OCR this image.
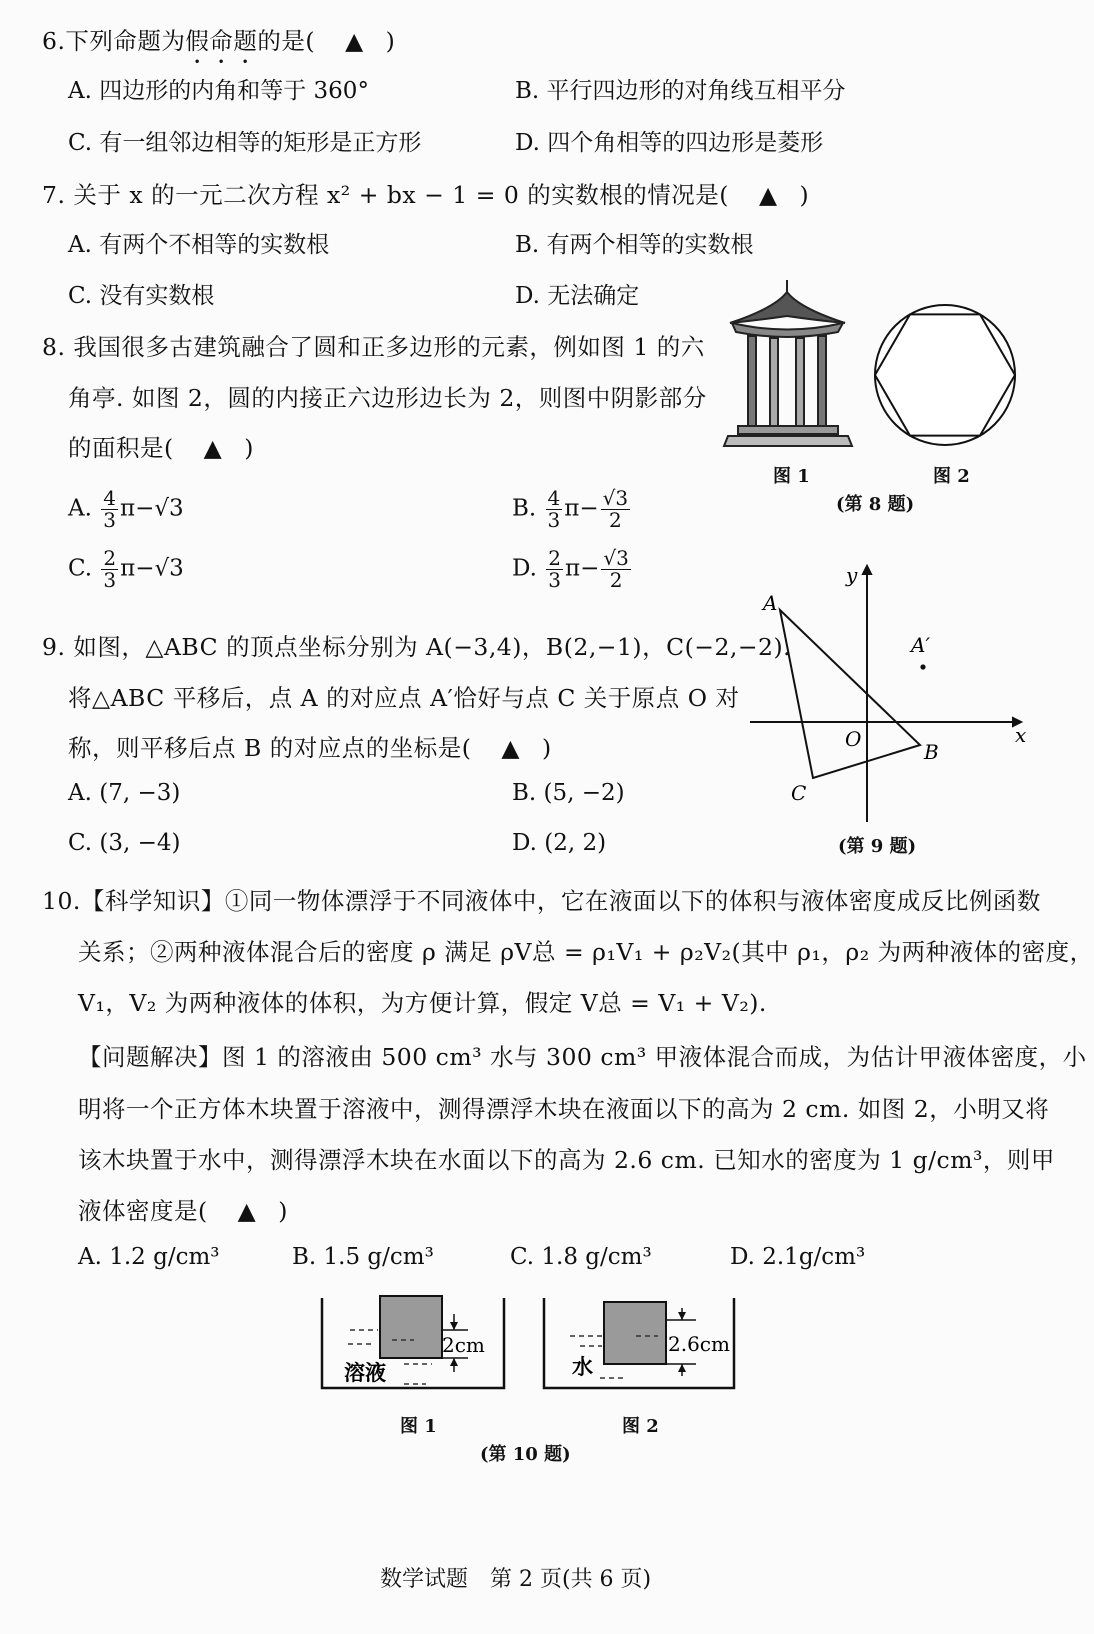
6.下列命题为假命题的是( ▲ )
A. 四边形的内角和等于 360°	B. 平行四边形的对角线互相平分
C. 有一组邻边相等的矩形是正方形	D. 四个角相等的四边形是菱形
7. 关于 x 的一元二次方程 x² + bx − 1 = 0 的实数根的情况是( ▲ )
A. 有两个不相等的实数根	B. 有两个相等的实数根
C. 没有实数根	D. 无法确定
8. 我国很多古建筑融合了圆和正多边形的元素，例如图 1 的六
角亭. 如图 2，圆的内接正六边形边长为 2，则图中阴影部分
的面积是( ▲ )
A. $\frac{4}{3} \pi-√3$	B. $\frac{4}{3} \pi- \frac{√3}{2}$
C. $\frac{2}{3} \pi-√3$	D. $\frac{2}{3} \pi- \frac{√3}{2}$
图 1	图 2
(第 8 题)
9. 如图，△ABC 的顶点坐标分别为 A(−3,4)，B(2,−1)，C(−2,−2).
将△ABC 平移后，点 A 的对应点 A′恰好与点 C 关于原点 O 对
称，则平移后点 B 的对应点的坐标是( ▲ )
A. (7, −3)	B. (5, −2)
C. (3, −4)	D. (2, 2)
x
y
O
A
B
C
A′
(第 9 题)
10.【科学知识】①同一物体漂浮于不同液体中，它在液面以下的体积与液体密度成反比例函数
关系；②两种液体混合后的密度 ρ 满足 ρV总 = ρ₁V₁ + ρ₂V₂(其中 ρ₁，ρ₂ 为两种液体的密度，
V₁，V₂ 为两种液体的体积，为方便计算，假定 V总 = V₁ + V₂).
【问题解决】图 1 的溶液由 500 cm³ 水与 300 cm³ 甲液体混合而成，为估计甲液体密度，小
明将一个正方体木块置于溶液中，测得漂浮木块在液面以下的高为 2 cm. 如图 2，小明又将
该木块置于水中，测得漂浮木块在水面以下的高为 2.6 cm. 已知水的密度为 1 g/cm³，则甲
液体密度是( ▲ )
A. 1.2 g/cm³	B. 1.5 g/cm³	C. 1.8 g/cm³	D. 2.1g/cm³
2cm
溶液
图 1
2.6cm
水
图 2
(第 10 题)
数学试题　第 2 页(共 6 页)
